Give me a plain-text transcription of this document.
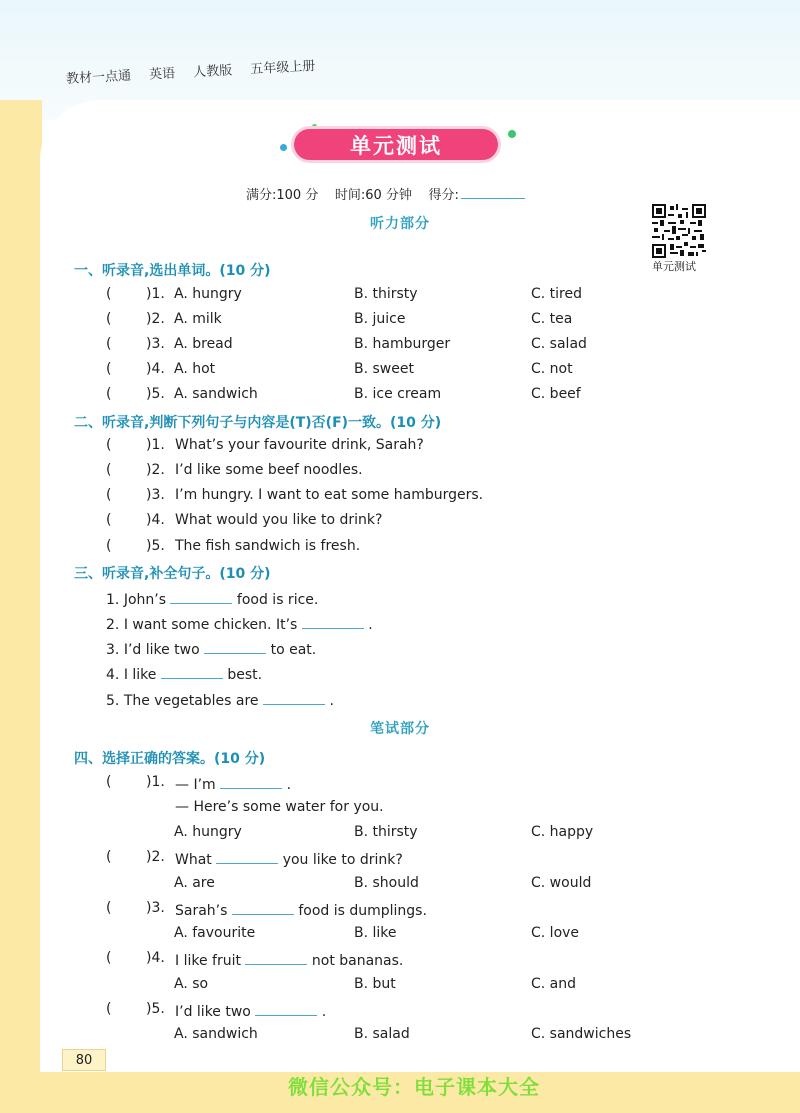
教材一点通 英语 人教版 五年级上册
单元测试
满分:100 分 时间:60 分钟 得分:
听力部分
单元测试
一、听录音,选出单词。(10 分)
( )1. A. hungry	B. thirsty	C. tired
( )2. A. milk	B. juice	C. tea
( )3. A. bread	B. hamburger	C. salad
( )4. A. hot	B. sweet	C. not
( )5. A. sandwich	B. ice cream	C. beef
二、听录音,判断下列句子与内容是(T)否(F)一致。(10 分)
( )1. What’s your favourite drink, Sarah?
( )2. I’d like some beef noodles.
( )3. I’m hungry. I want to eat some hamburgers.
( )4. What would you like to drink?
( )5. The fish sandwich is fresh.
三、听录音,补全句子。(10 分)
1. John’s	food is rice.
2. I want some chicken. It’s	.
3. I’d like two	to eat.
4. I like	best.
5. The vegetables are	.
笔试部分
四、选择正确的答案。(10 分)
( )1. — I’m	.
— Here’s some water for you.
A. hungry	B. thirsty	C. happy
( )2. What	you like to drink?
A. are	B. should	C. would
( )3. Sarah’s	food is dumplings.
A. favourite	B. like	C. love
( )4. I like fruit	not bananas.
A. so	B. but	C. and
( )5. I’d like two	.
A. sandwich	B. salad	C. sandwiches
80
微信公众号：电子课本大全
